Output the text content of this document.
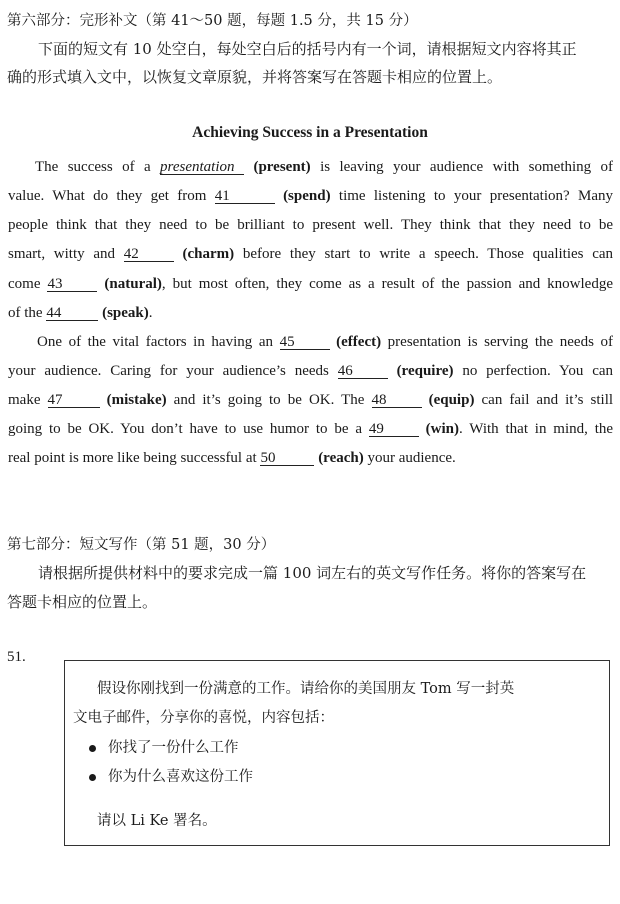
第六部分：完形补文（第 41～50 题，每题 1.5 分，共 15 分）
下面的短文有 10 处空白，每处空白后的括号内有一个词，请根据短文内容将其正
确的形式填入文中，以恢复文章原貌，并将答案写在答题卡相应的位置上。
Achieving Success in a Presentation
The success of a presentation (present) is leaving your audience with something of
value. What do they get from 41	(spend) time listening to your presentation? Many
people think that they need to be brilliant to present well. They think that they need to be
smart, witty and 42	(charm) before they start to write a speech. Those qualities can
come 43	(natural), but most often, they come as a result of the passion and knowledge
of the 44	(speak).
One of the vital factors in having an 45	(effect) presentation is serving the needs of
your audience. Caring for your audience’s needs 46	(require) no perfection. You can
make 47	(mistake) and it’s going to be OK. The 48	(equip) can fail and it’s still
going to be OK. You don’t have to use humor to be a 49	(win). With that in mind, the
real point is more like being successful at 50	(reach) your audience.
第七部分：短文写作（第 51 题，30 分）
请根据所提供材料中的要求完成一篇 100 词左右的英文写作任务。将你的答案写在
答题卡相应的位置上。
51.
假设你刚找到一份满意的工作。请给你的美国朋友 Tom 写一封英
文电子邮件，分享你的喜悦，内容包括：
你找了一份什么工作
你为什么喜欢这份工作
请以 Li Ke 署名。
